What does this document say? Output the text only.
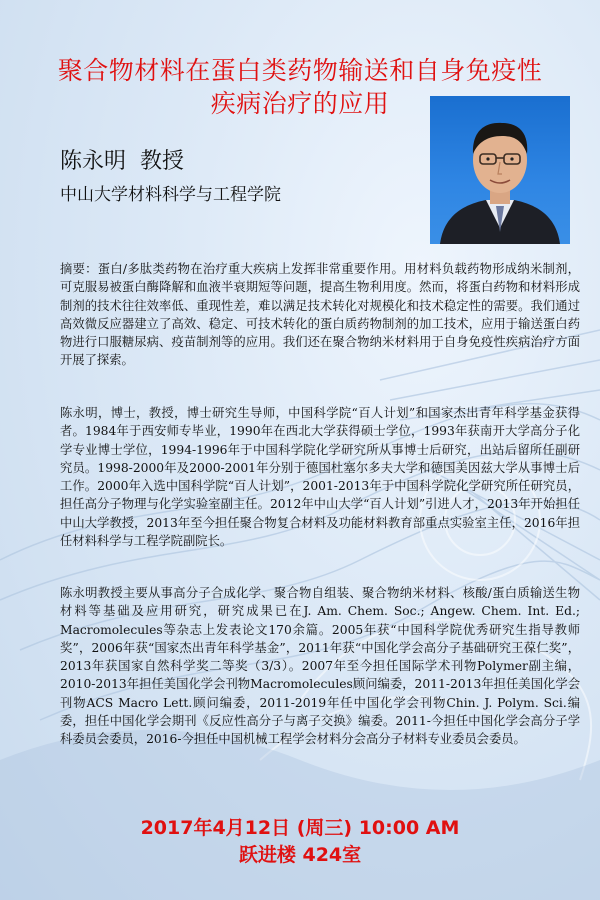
聚合物材料在蛋白类药物输送和自身免疫性
疾病治疗的应用
陈永明  教授
中山大学材料科学与工程学院
摘要：蛋白/多肽类药物在治疗重大疾病上发挥非常重要作用。用材料负载药物形成纳米制剂，可克服易被蛋白酶降解和血液半衰期短等问题，提高生物利用度。然而，将蛋白药物和材料形成制剂的技术往往效率低、重现性差，难以满足技术转化对规模化和技术稳定性的需要。我们通过高效微反应器建立了高效、稳定、可技术转化的蛋白质药物制剂的加工技术，应用于输送蛋白药物进行口服糖尿病、疫苗制剂等的应用。我们还在聚合物纳米材料用于自身免疫性疾病治疗方面开展了探索。
陈永明，博士，教授，博士研究生导师，中国科学院“百人计划”和国家杰出青年科学基金获得者。1984年于西安师专毕业，1990年在西北大学获得硕士学位，1993年获南开大学高分子化学专业博士学位，1994-1996年于中国科学院化学研究所从事博士后研究，出站后留所任副研究员。1998-2000年及2000-2001年分别于德国杜塞尔多夫大学和德国美因兹大学从事博士后工作。2000年入选中国科学院“百人计划”，2001-2013年于中国科学院化学研究所任研究员，担任高分子物理与化学实验室副主任。2012年中山大学“百人计划”引进人才，2013年开始担任中山大学教授，2013年至今担任聚合物复合材料及功能材料教育部重点实验室主任，2016年担任材料科学与工程学院副院长。
陈永明教授主要从事高分子合成化学、聚合物自组装、聚合物纳米材料、核酸/蛋白质输送生物材料等基础及应用研究，研究成果已在J. Am. Chem. Soc.; Angew. Chem. Int. Ed.; Macromolecules等杂志上发表论文170余篇。2005年获“中国科学院优秀研究生指导教师奖”，2006年获“国家杰出青年科学基金”，2011年获“中国化学会高分子基础研究王葆仁奖”，2013年获国家自然科学奖二等奖（3/3）。2007年至今担任国际学术刊物Polymer副主编，2010-2013年担任美国化学会刊物Macromolecules顾问编委，2011-2013年担任美国化学会刊物ACS Macro Lett.顾问编委，2011-2019年任中国化学会刊物Chin. J. Polym. Sci.编委，担任中国化学会期刊《反应性高分子与离子交换》编委。2011-今担任中国化学会高分子学科委员会委员，2016-今担任中国机械工程学会材料分会高分子材料专业委员会委员。
2017年4月12日 (周三) 10:00 AM
跃进楼 424室
